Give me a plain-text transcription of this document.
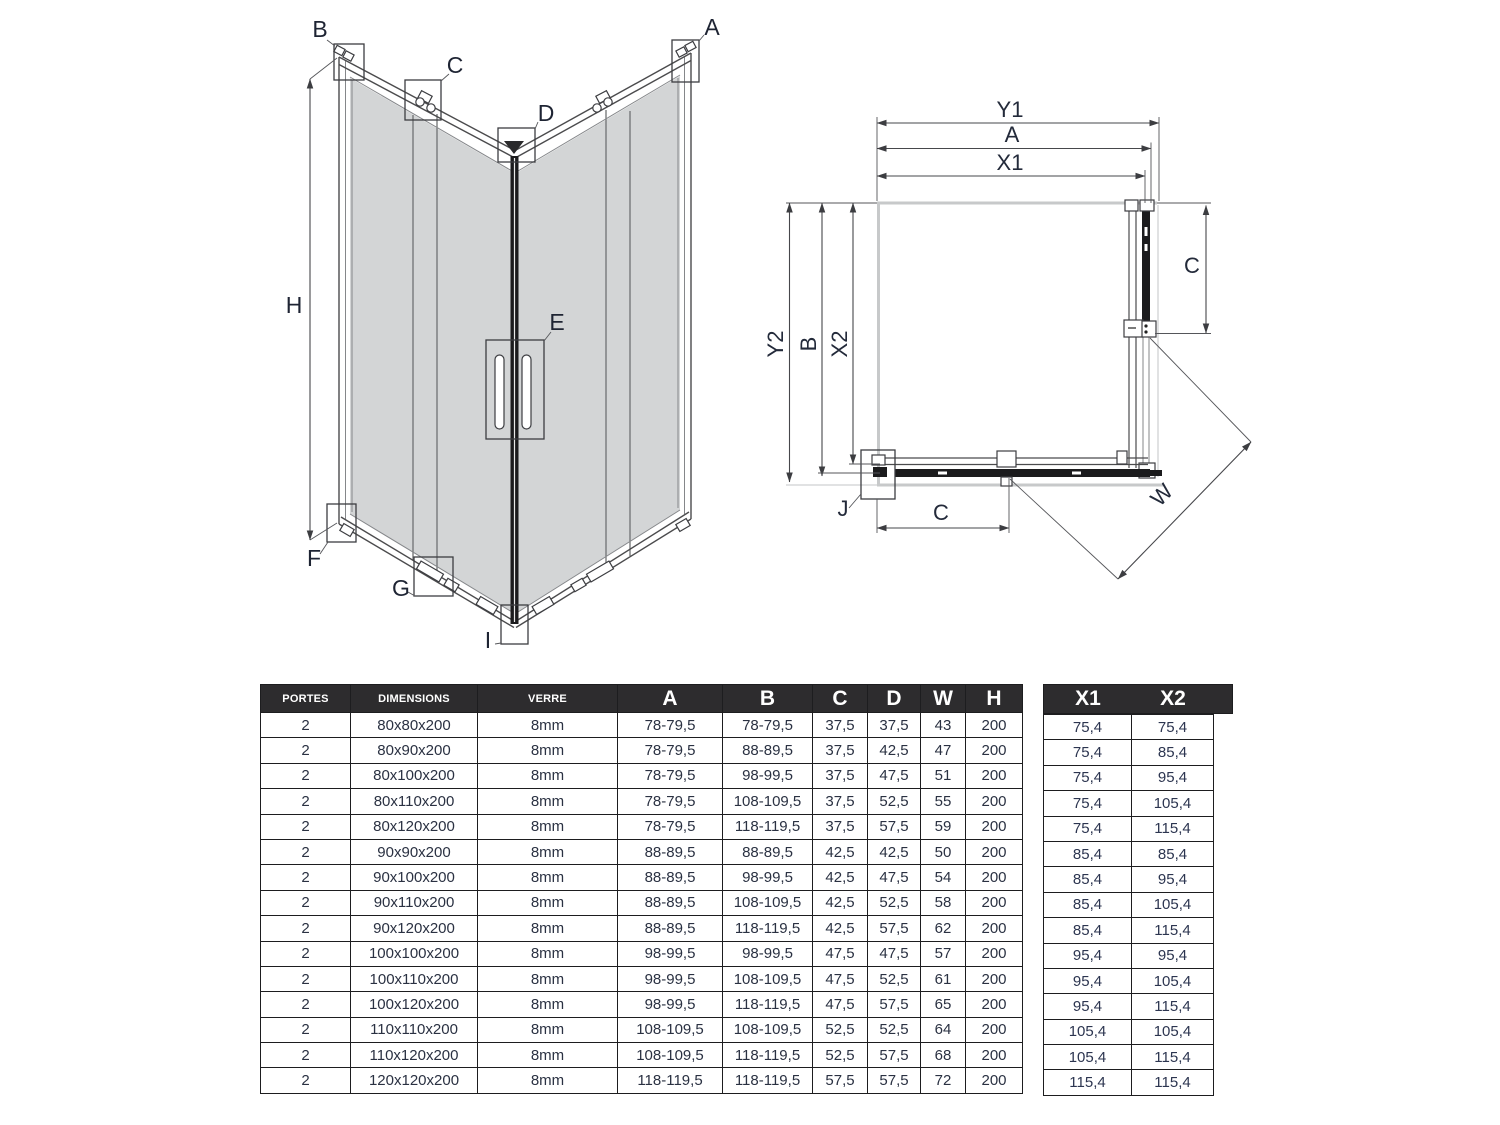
B
C
D
A
E
H
F
G
I
Y1
A
X1
Y2 B X2
C
C
J	W
PORTES	DIMENSIONS	VERRE	A	B	C	D	W	H
2	80x80x200	8mm	78-79,5	78-79,5	37,5	37,5	43	200
2	80x90x200	8mm	78-79,5	88-89,5	37,5	42,5	47	200
2	80x100x200	8mm	78-79,5	98-99,5	37,5	47,5	51	200
2	80x110x200	8mm	78-79,5	108-109,5	37,5	52,5	55	200
2	80x120x200	8mm	78-79,5	118-119,5	37,5	57,5	59	200
2	90x90x200	8mm	88-89,5	88-89,5	42,5	42,5	50	200
2	90x100x200	8mm	88-89,5	98-99,5	42,5	47,5	54	200
2	90x110x200	8mm	88-89,5	108-109,5	42,5	52,5	58	200
2	90x120x200	8mm	88-89,5	118-119,5	42,5	57,5	62	200
2	100x100x200	8mm	98-99,5	98-99,5	47,5	47,5	57	200
2	100x110x200	8mm	98-99,5	108-109,5	47,5	52,5	61	200
2	100x120x200	8mm	98-99,5	118-119,5	47,5	57,5	65	200
2	110x110x200	8mm	108-109,5	108-109,5	52,5	52,5	64	200
2	110x120x200	8mm	108-109,5	118-119,5	52,5	57,5	68	200
2	120x120x200	8mm	118-119,5	118-119,5	57,5	57,5	72	200
X1	X2
75,4	75,4
75,4	85,4
75,4	95,4
75,4	105,4
75,4	115,4
85,4	85,4
85,4	95,4
85,4	105,4
85,4	115,4
95,4	95,4
95,4	105,4
95,4	115,4
105,4	105,4
105,4	115,4
115,4	115,4
